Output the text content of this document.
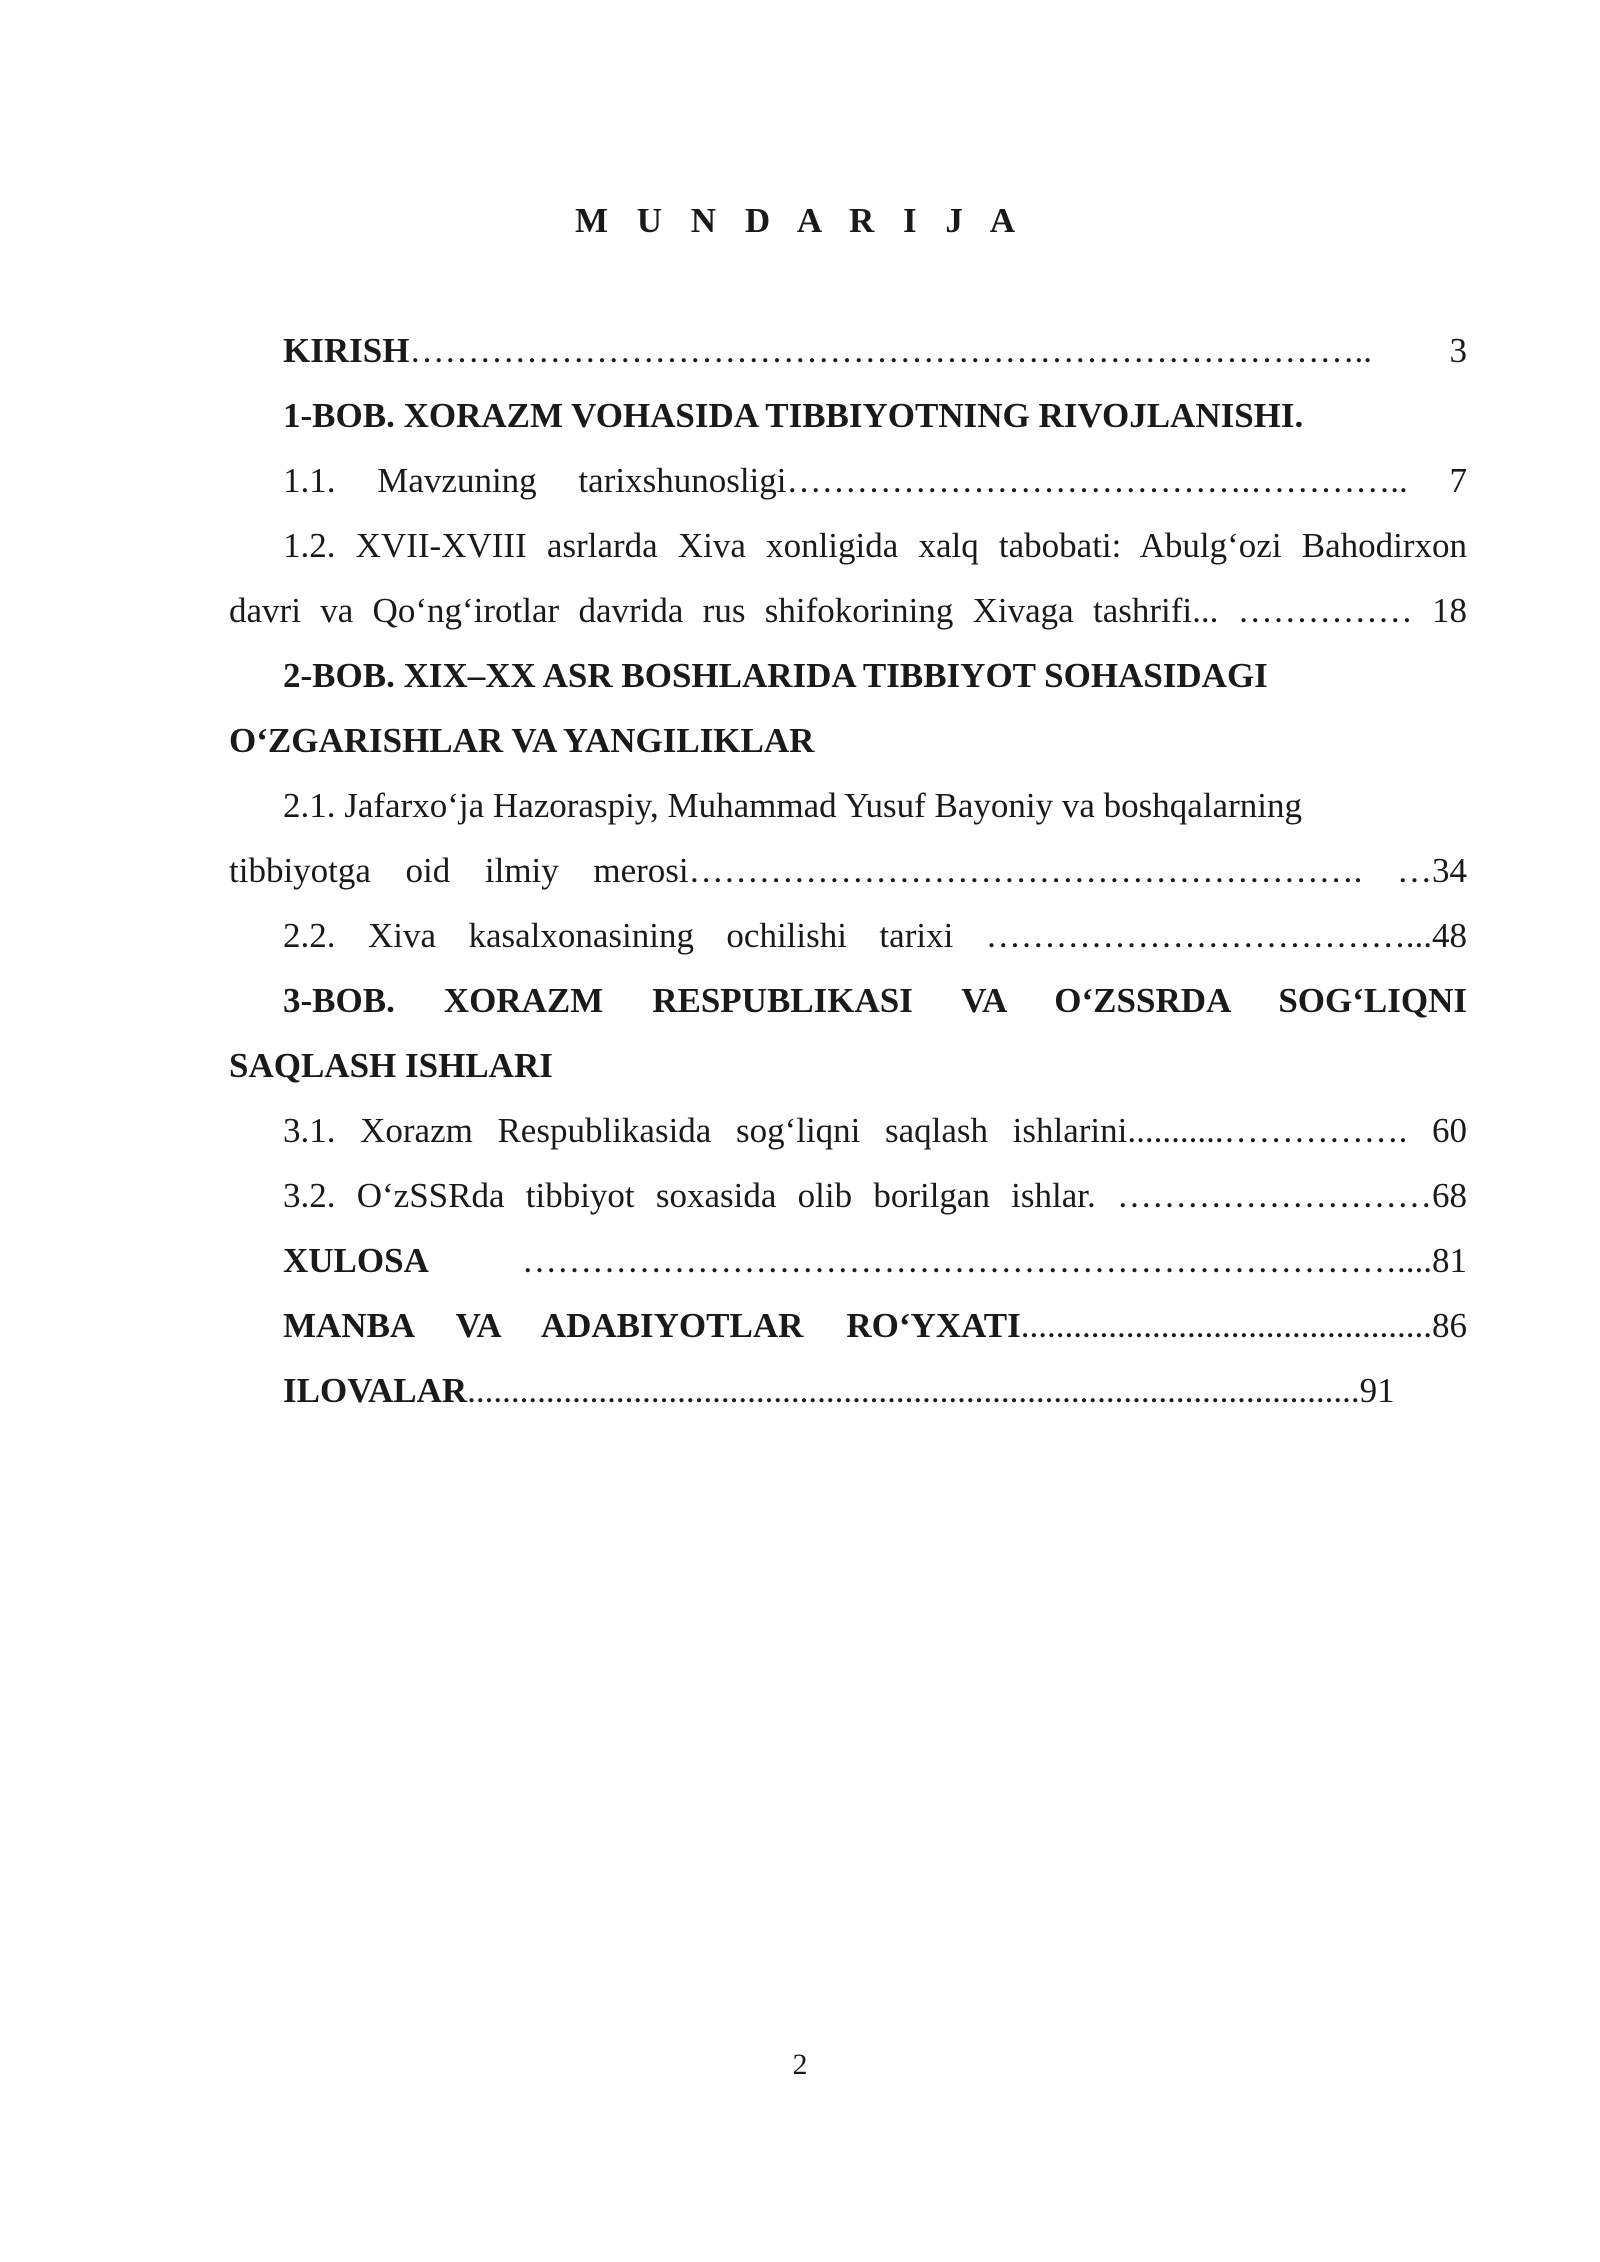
M U N D A R I J A
KIRISH……………………………………………………………………….. 3
1-BOB. XORAZM VOHASIDA TIBBIYOTNING RIVOJLANISHI.
1.1. Mavzuning tarixshunosligi………………………………….………….. 7
1.2. XVII-XVIII asrlarda Xiva xonligida xalq tabobati: Abulg‘ozi Bahodirxon
davri va Qo‘ng‘irotlar davrida rus shifokorining Xivaga tashrifi... …………… 18
2-BOB. XIX–XX ASR BOSHLARIDA TIBBIYOT SOHASIDAGI
O‘ZGARISHLAR VA YANGILIKLAR
2.1. Jafarxo‘ja Hazoraspiy, Muhammad Yusuf Bayoniy va boshqalarning
tibbiyotga oid ilmiy merosi…………………………………………………. …34
2.2. Xiva kasalxonasining ochilishi tarixi ………………………………...48
3-BOB. XORAZM RESPUBLIKASI VA O‘ZSSRDA SOG‘LIQNI
SAQLASH ISHLARI
3.1. Xorazm Respublikasida sog‘liqni saqlash ishlarini...........……………. 60
3.2. O‘zSSRda tibbiyot soxasida olib borilgan ishlar. ………………………68
XULOSA …………………………………………………………………....81
MANBA VA ADABIYOTLAR RO‘YXATI...............................................86
ILOVALAR......................................................................................................91
2
